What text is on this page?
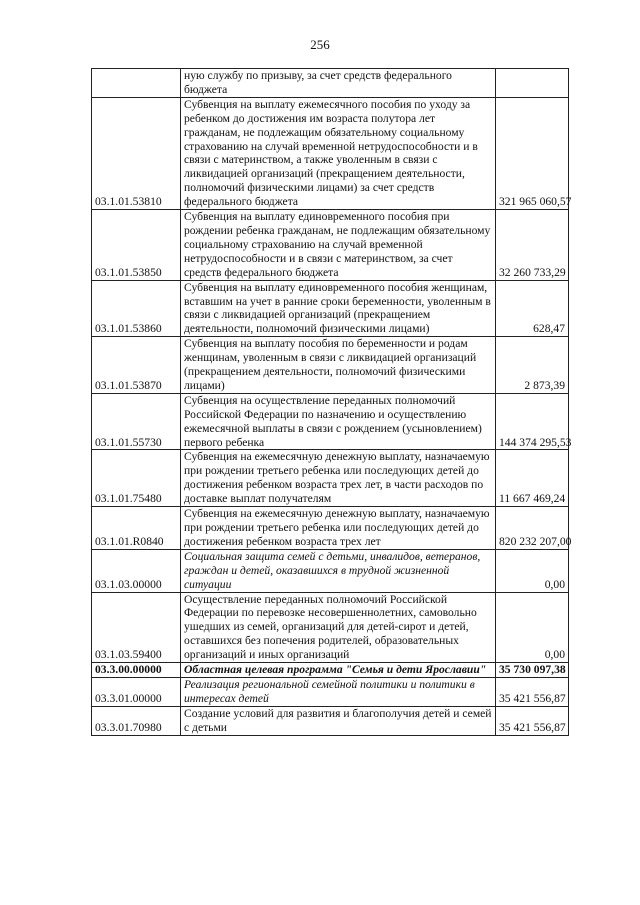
256
	ную службу по призыву, за счет средств федерального бюджета	
03.1.01.53810	Субвенция на выплату ежемесячного пособия по уходу за ребенком до достижения им возраста полутора лет гражданам, не подлежащим обязательному социальному страхованию на случай временной нетрудоспособности и в связи с материнством, а также уволенным в связи с ликвидацией организаций (прекращением деятельности, полномочий физическими лицами) за счет средств федерального бюджета	321 965 060,57
03.1.01.53850	Субвенция на выплату единовременного пособия при рождении ребенка гражданам, не подлежащим обязательному социальному страхованию на случай временной нетрудоспособности и в связи с материнством, за счет средств федерального бюджета	32 260 733,29
03.1.01.53860	Субвенция на выплату единовременного пособия женщинам, вставшим на учет в ранние сроки беременности, уволенным в связи с ликвидацией организаций (прекращением деятельности, полномочий физическими лицами)	628,47
03.1.01.53870	Субвенция на выплату пособия по беременности и родам женщинам, уволенным в связи с ликвидацией организаций (прекращением деятельности, полномочий физическими лицами)	2 873,39
03.1.01.55730	Субвенция на осуществление переданных полномочий Российской Федерации по назначению и осуществлению ежемесячной выплаты в связи с рождением (усыновлением) первого ребенка	144 374 295,53
03.1.01.75480	Субвенция на ежемесячную денежную выплату, назначаемую при рождении третьего ребенка или последующих детей до достижения ребенком возраста трех лет, в части расходов по доставке выплат получателям	11 667 469,24
03.1.01.R0840	Субвенция на ежемесячную денежную выплату, назначаемую при рождении третьего ребенка или последующих детей до достижения ребенком возраста трех лет	820 232 207,00
03.1.03.00000	Социальная защита семей с детьми, инвалидов, ветеранов, граждан и детей, оказавшихся в трудной жизненной ситуации	0,00
03.1.03.59400	Осуществление переданных полномочий Российской Федерации по перевозке несовершеннолетних, самовольно ушедших из семей, организаций для детей-сирот и детей, оставшихся без попечения родителей, образовательных организаций и иных организаций	0,00
03.3.00.00000	Областная целевая программа "Семья и дети Ярославии"	35 730 097,38
03.3.01.00000	Реализация региональной семейной политики и политики в интересах детей	35 421 556,87
03.3.01.70980	Создание условий для развития и благополучия детей и семей с детьми	35 421 556,87
